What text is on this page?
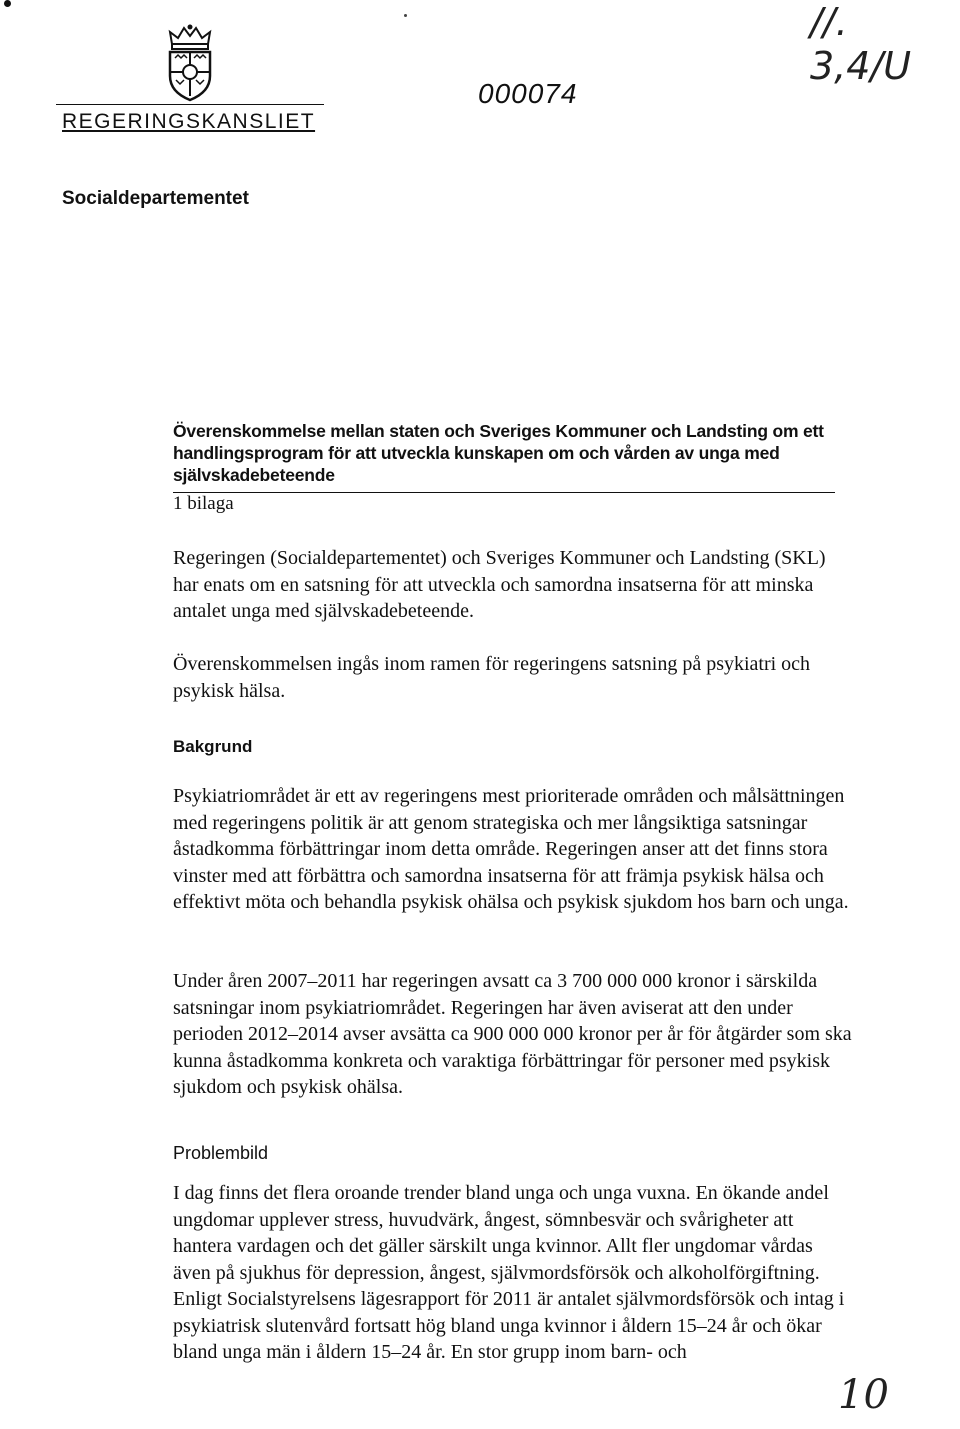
REGERINGSKANSLIET
000074
//. 3,4/U
Socialdepartementet
Överenskommelse mellan staten och Sveriges Kommuner och Landsting om ett handlingsprogram för att utveckla kunskapen om och vården av unga med självskadebeteende
1 bilaga

Regeringen (Socialdepartementet) och Sveriges Kommuner och Landsting (SKL) har enats om en satsning för att utveckla och samordna insatserna för att minska antalet unga med självskadebeteende.

Överenskommelsen ingås inom ramen för regeringens satsning på psykiatri och psykisk hälsa.

Bakgrund

Psykiatriområdet är ett av regeringens mest prioriterade områden och målsättningen med regeringens politik är att genom strategiska och mer långsiktiga satsningar åstadkomma förbättringar inom detta område. Regeringen anser att det finns stora vinster med att förbättra och samordna insatserna för att främja psykisk hälsa och effektivt möta och behandla psykisk ohälsa och psykisk sjukdom hos barn och unga.

Under åren 2007–2011 har regeringen avsatt ca 3 700 000 000 kronor i särskilda satsningar inom psykiatriområdet. Regeringen har även aviserat att den under perioden 2012–2014 avser avsätta ca 900 000 000 kronor per år för åtgärder som ska kunna åstadkomma konkreta och varaktiga förbättringar för personer med psykisk sjukdom och psykisk ohälsa.

Problembild

I dag finns det flera oroande trender bland unga och unga vuxna. En ökande andel ungdomar upplever stress, huvudvärk, ångest, sömnbesvär och svårigheter att hantera vardagen och det gäller särskilt unga kvinnor. Allt fler ungdomar vårdas även på sjukhus för depression, ångest, självmordsförsök och alkoholförgiftning. Enligt Socialstyrelsens lägesrapport för 2011 är antalet självmordsförsök och intag i psykiatrisk slutenvård fortsatt hög bland unga kvinnor i åldern 15–24 år och ökar bland unga män i åldern 15–24 år. En stor grupp inom barn- och

10
